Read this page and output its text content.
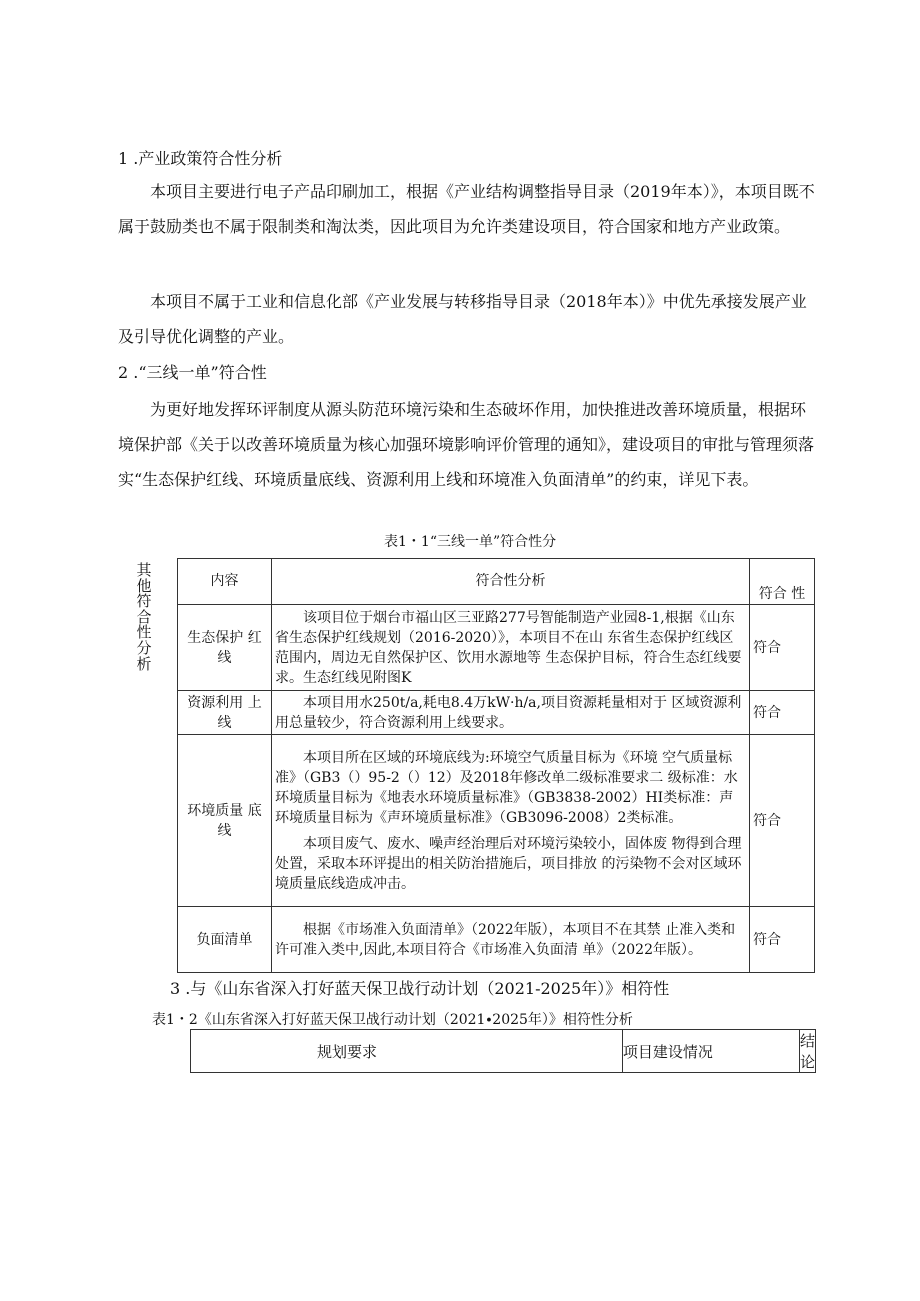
1 .产业政策符合性分析

本项目主要进行电子产品印刷加工，根据《产业结构调整指导目录（2019年本）》，本项目既不属于鼓励类也不属于限制类和淘汰类，因此项目为允许类建设项目，符合国家和地方产业政策。

本项目不属于工业和信息化部《产业发展与转移指导目录（2018年本）》中优先承接发展产业及引导优化调整的产业。

2 .“三线一单”符合性

为更好地发挥环评制度从源头防范环境污染和生态破坏作用，加快推进改善环境质量，根据环境保护部《关于以改善环境质量为核心加强环境影响评价管理的通知》，建设项目的审批与管理须落实“生态保护红线、环境质量底线、资源利用上线和环境准入负面清单”的约束，详见下表。

表1・1“三线一单”符合性分
其
他
符
合
性
分
析
内容	符合性分析	符合 性
生态保护 红线	该项目位于烟台市福山区三亚路277号智能制造产业园8-1,根据《山东省生态保护红线规划（2016-2020）》，本项目不在山 东省生态保护红线区范围内，周边无自然保护区、饮用水源地等 生态保护目标，符合生态红线要求。生态红线见附图K	符合
资源利用 上线	本项目用水250t/a,耗电8.4万kW·h/a,项目资源耗量相对于 区域资源利用总量较少，符合资源利用上线要求。	符合
环境质量 底线	本项目所在区域的环境底线为:环境空气质量目标为《环境 空气质量标准》（GB3（）95-2（）12）及2018年修改单二级标准要求二 级标准：水环境质量目标为《地表水环境质量标准》（GB3838-2002）HI类标准：声环境质量目标为《声环境质量标准》（GB3096-2008）2类标准。
本项目废气、废水、噪声经治理后对环境污染较小，固体废 物得到合理处置，采取本环评提出的相关防治措施后，项目排放 的污染物不会对区域环境质量底线造成冲击。	符合
负面清单	根据《市场准入负面清单》（2022年版），本项目不在其禁 止准入类和许可准入类中,因此,本项目符合《市场准入负面清 单》（2022年版）。	符合
3 .与《山东省深入打好蓝天保卫战行动计划（2021-2025年）》相符性
表1・2《山东省深入打好蓝天保卫战行动计划（2021∙2025年）》相符性分析
规划要求	项目建设情况	结论
